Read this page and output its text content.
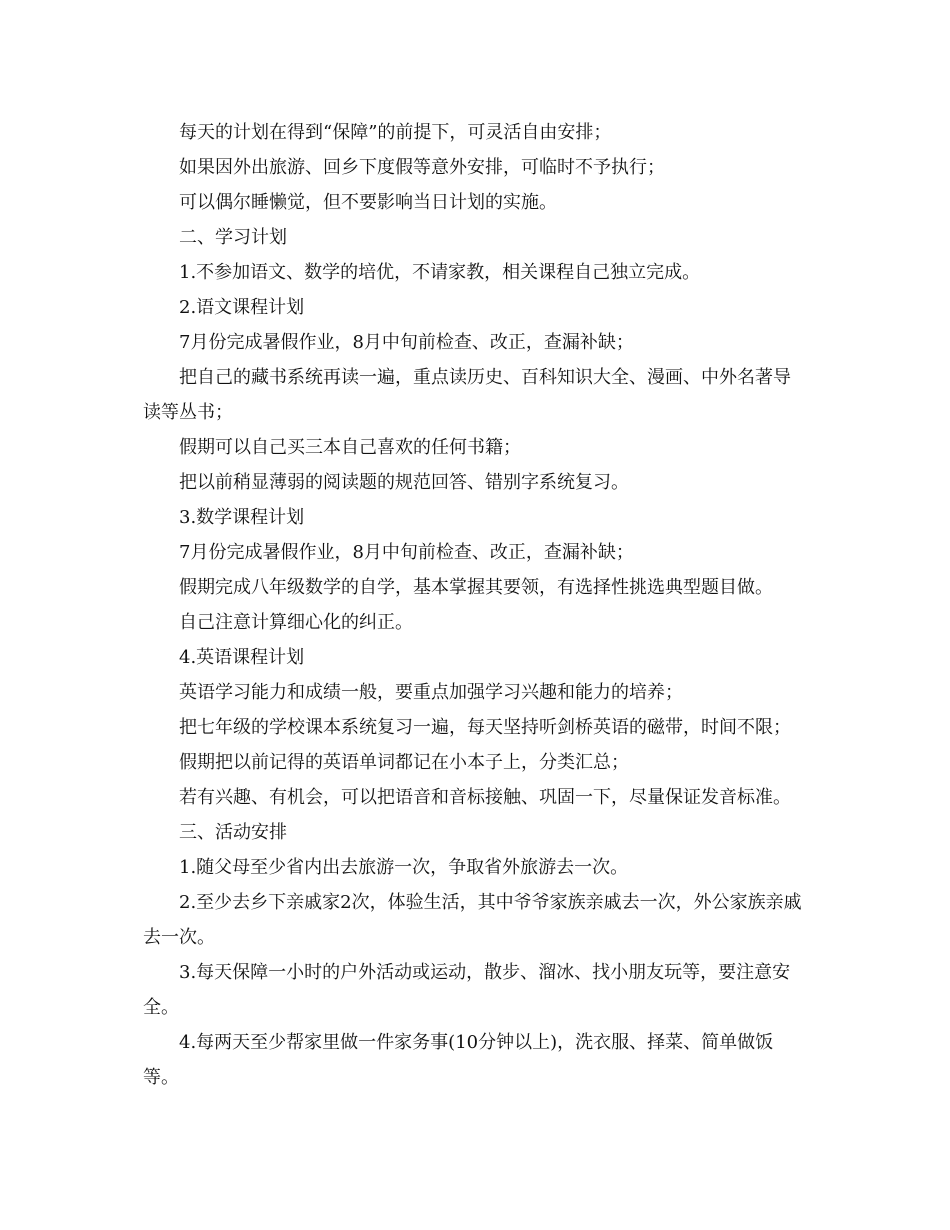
每天的计划在得到“保障”的前提下，可灵活自由安排；

如果因外出旅游、回乡下度假等意外安排，可临时不予执行；

可以偶尔睡懒觉，但不要影响当日计划的实施。

二、学习计划

1.不参加语文、数学的培优，不请家教，相关课程自己独立完成。

2.语文课程计划

7月份完成暑假作业，8月中旬前检查、改正，查漏补缺；

把自己的藏书系统再读一遍，重点读历史、百科知识大全、漫画、中外名著导读等丛书；

假期可以自己买三本自己喜欢的任何书籍；

把以前稍显薄弱的阅读题的规范回答、错别字系统复习。

3.数学课程计划

7月份完成暑假作业，8月中旬前检查、改正，查漏补缺；

假期完成八年级数学的自学，基本掌握其要领，有选择性挑选典型题目做。

自己注意计算细心化的纠正。

4.英语课程计划

英语学习能力和成绩一般，要重点加强学习兴趣和能力的培养；

把七年级的学校课本系统复习一遍，每天坚持听剑桥英语的磁带，时间不限；

假期把以前记得的英语单词都记在小本子上，分类汇总；

若有兴趣、有机会，可以把语音和音标接触、巩固一下，尽量保证发音标准。

三、活动安排

1.随父母至少省内出去旅游一次，争取省外旅游去一次。

2.至少去乡下亲戚家2次，体验生活，其中爷爷家族亲戚去一次，外公家族亲戚去一次。

3.每天保障一小时的户外活动或运动，散步、溜冰、找小朋友玩等，要注意安全。

4.每两天至少帮家里做一件家务事(10分钟以上)，洗衣服、择菜、简单做饭等。
